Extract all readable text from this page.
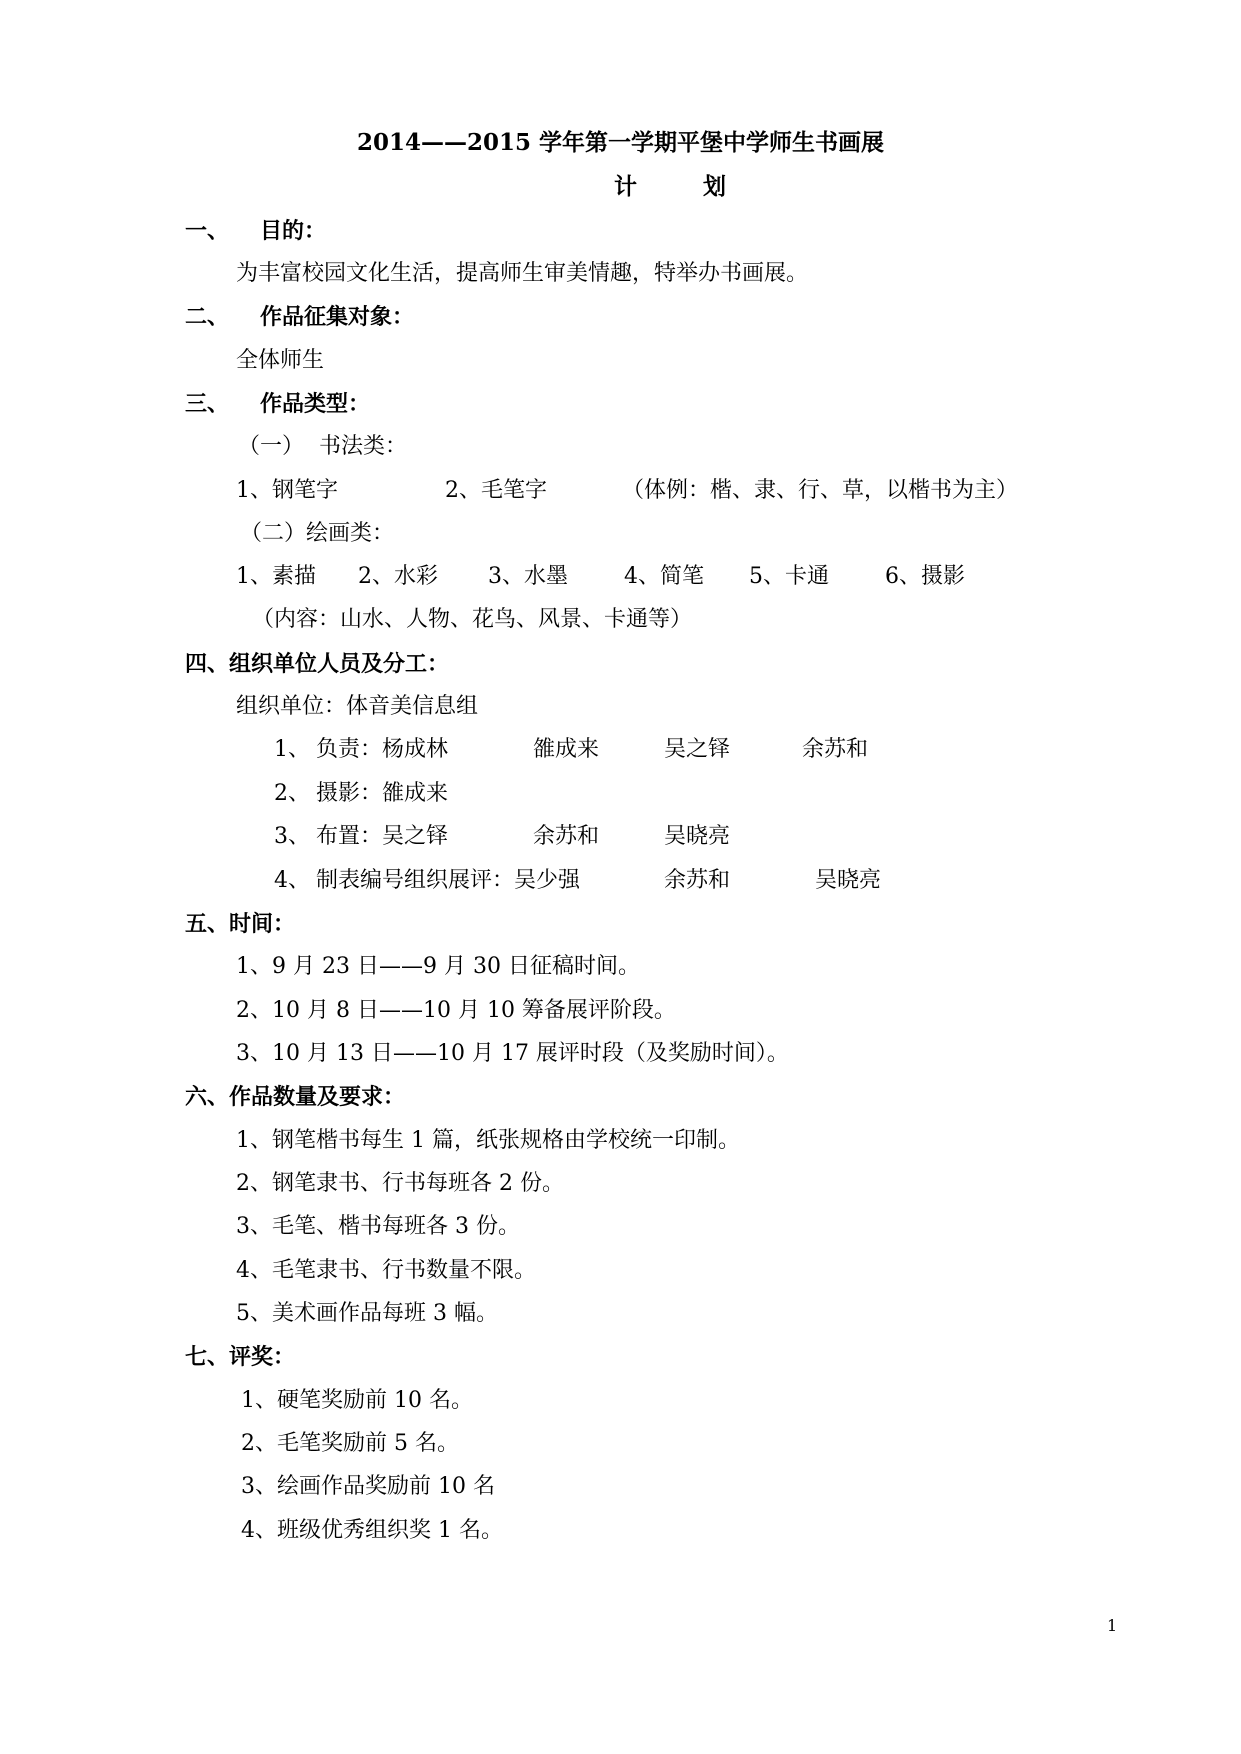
2014——2015 学年第一学期平堡中学师生书画展
计	划
一、 目的：
为丰富校园文化生活，提高师生审美情趣，特举办书画展。
二、 作品征集对象：
全体师生
三、 作品类型：
（一） 书法类：
1、钢笔字	2、毛笔字	（体例：楷、隶、行、草，以楷书为主）
（二）绘画类：
1、素描 2、水彩 3、水墨	4、简笔 5、卡通	6、摄影
（内容：山水、人物、花鸟、风景、卡通等）
四、组织单位人员及分工：
组织单位：体音美信息组
1、 负责：杨成林	雒成来	吴之铎	余苏和
2、 摄影：雒成来
3、 布置：吴之铎	余苏和	吴晓亮
4、 制表编号组织展评：吴少强	余苏和	吴晓亮
五、时间：
1、9 月 23 日——9 月 30 日征稿时间。
2、10 月 8 日——10 月 10 筹备展评阶段。
3、10 月 13 日——10 月 17 展评时段（及奖励时间）。
六、作品数量及要求：
1、钢笔楷书每生 1 篇，纸张规格由学校统一印制。
2、钢笔隶书、行书每班各 2 份。
3、毛笔、楷书每班各 3 份。
4、毛笔隶书、行书数量不限。
5、美术画作品每班 3 幅。
七、评奖：
1、硬笔奖励前 10 名。
2、毛笔奖励前 5 名。
3、绘画作品奖励前 10 名
4、班级优秀组织奖 1 名。
1
